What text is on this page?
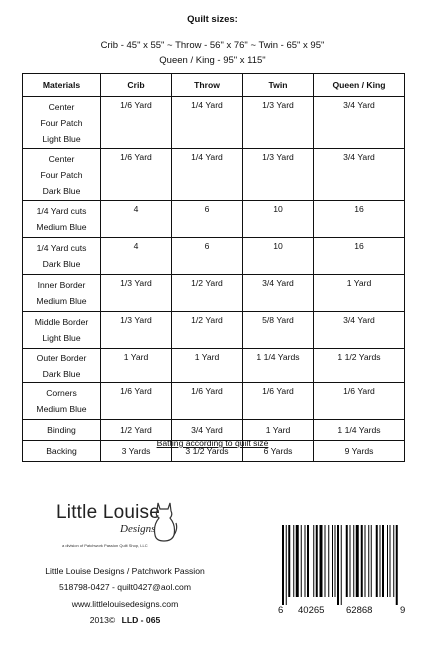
Quilt sizes:
Crib - 45" x 55" ~ Throw - 56" x 76" ~ Twin - 65" x 95"
Queen / King - 95" x 115"
Materials	Crib	Throw	Twin	Queen / King

Center
Four Patch
Light Blue	1/6 Yard	1/4 Yard	1/3 Yard	3/4 Yard

Center
Four Patch
Dark Blue	1/6 Yard	1/4 Yard	1/3 Yard	3/4 Yard

1/4 Yard cuts
Medium Blue	4	6	10	16

1/4 Yard cuts
Dark Blue	4	6	10	16

Inner Border
Medium Blue	1/3 Yard	1/2 Yard	3/4 Yard	1 Yard

Middle Border
Light Blue	1/3 Yard	1/2 Yard	5/8 Yard	3/4 Yard

Outer Border
Dark Blue	1 Yard	1 Yard	1 1/4 Yards	1 1/2 Yards

Corners
Medium Blue	1/6 Yard	1/6 Yard	1/6 Yard	1/6 Yard

Binding	1/2 Yard	3/4 Yard	1 Yard	1 1/4 Yards

Backing	3 Yards	3 1/2 Yards	6 Yards	9 Yards
Batting according to quilt size
Little Louise
Designs
a division of Patchwork Passion Quilt Shop, LLC
Little Louise Designs / Patchwork Passion
518798-0427 - quilt0427@aol.com
www.littlelouisedesigns.com
2013© LLD - 065
6 40265 62868	9
